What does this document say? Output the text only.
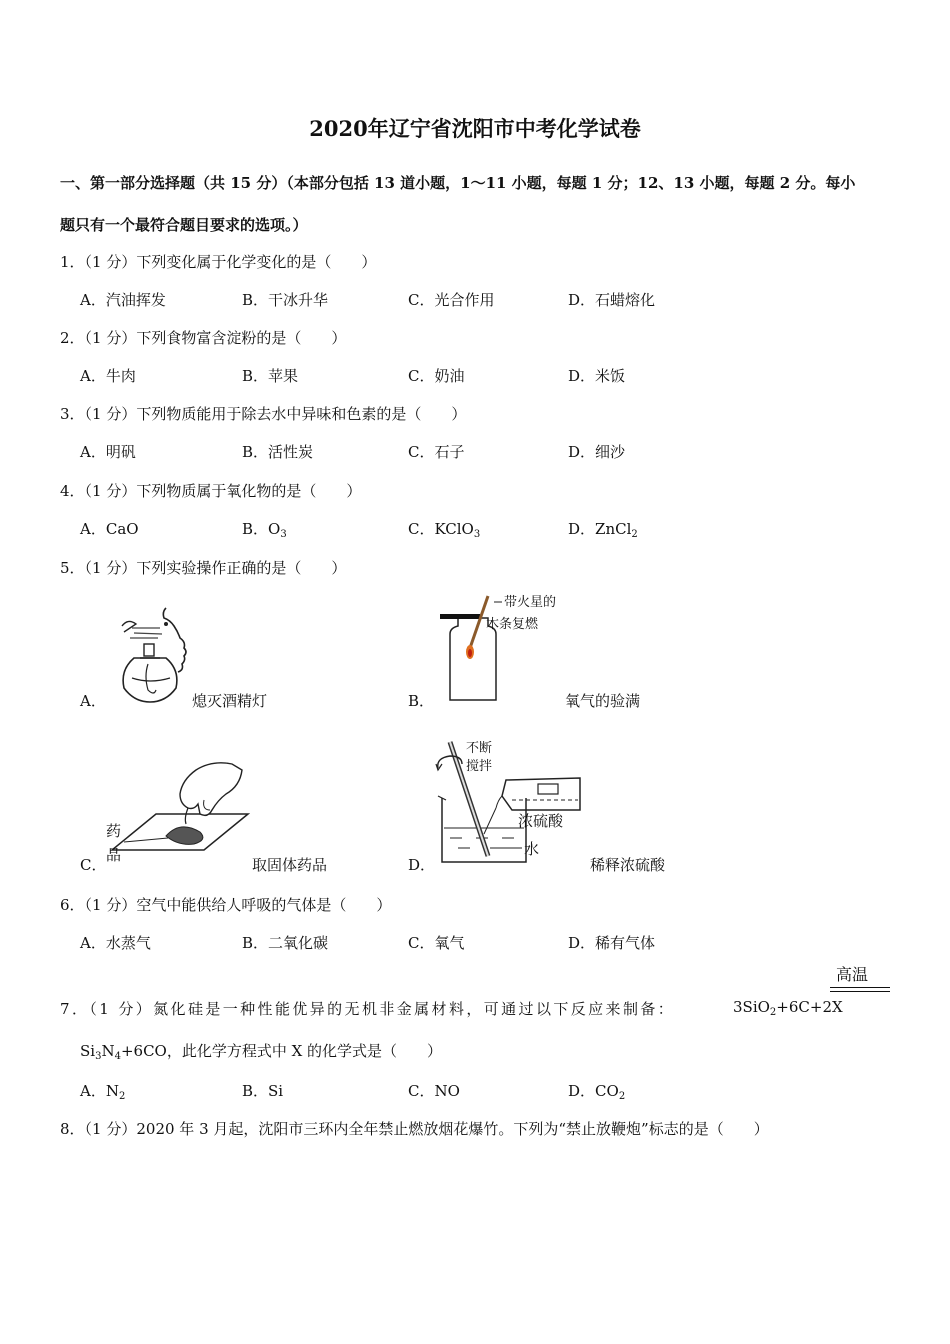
2020年辽宁省沈阳市中考化学试卷
一、第一部分选择题（共 15 分）（本部分包括 13 道小题，1～11 小题，每题 1 分；12、13 小题，每题 2 分。每小
题只有一个最符合题目要求的选项。）
1．（1 分）下列变化属于化学变化的是（　　）
A．汽油挥发	B．干冰升华	C．光合作用	D．石蜡熔化
2．（1 分）下列食物富含淀粉的是（　　）
A．牛肉	B．苹果	C．奶油	D．米饭
3．（1 分）下列物质能用于除去水中异味和色素的是（　　）
A．明矾	B．活性炭	C．石子	D．细沙
4．（1 分）下列物质属于氧化物的是（　　）
A．CaO	B．$O_3$	C．KClO$_3$	D．ZnCl$_2$
5．（1 分）下列实验操作正确的是（　　）
A．	熄灭酒精灯
带火星的
木条复燃
B．	氧气的验满
药
品
C．	取固体药品
不断
搅拌
浓硫酸
水
D．	稀释浓硫酸
6．（1 分）空气中能供给人呼吸的气体是（　　）
A．水蒸气	B．二氧化碳	C．氧气	D．稀有气体
高温
7．（1 分）氮化硅是一种性能优异的无机非金属材料，可通过以下反应来制备：	3SiO$_2$+6C+2X
$Si_3N_4+6CO$，此化学方程式中 X 的化学式是（　　）
A．$N_2$	B．Si	C．NO	D．$CO_2$
8．（1 分）2020 年 3 月起，沈阳市三环内全年禁止燃放烟花爆竹。下列为“禁止放鞭炮”标志的是（　　）
